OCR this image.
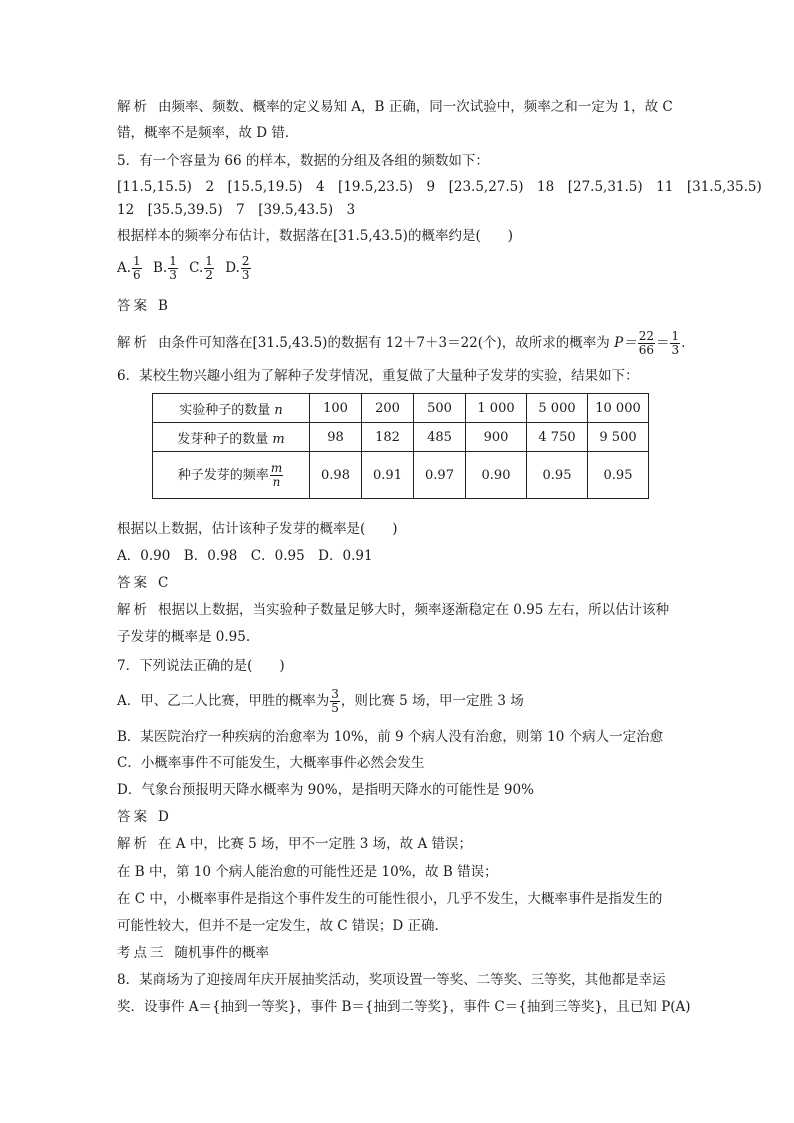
解析 由频率、频数、概率的定义易知 A，B 正确，同一次试验中，频率之和一定为 1，故 C
错，概率不是频率，故 D 错．
5．有一个容量为 66 的样本，数据的分组及各组的频数如下：
[11.5,15.5)　2　[15.5,19.5)　4　[19.5,23.5)　9　[23.5,27.5)　18　[27.5,31.5)　11　[31.5,35.5)
12　[35.5,39.5)　7　[39.5,43.5)　3
根据样本的频率分布估计，数据落在[31.5,43.5)的概率约是(　　)
A. $\frac{1}{6} B$. $\frac{1}{3} C$. $\frac{1}{2} D$. $\frac{2}{3}$
答案 B
解析 由条件可知落在[31.5,43.5)的数据有 12＋7＋3＝22(个)，故所求的概率为 $P= \frac{22}{66} = \frac{1}{3}$ .
6．某校生物兴趣小组为了解种子发芽情况，重复做了大量种子发芽的实验，结果如下：
实验种子的数量 n	100	200	500	1 000	5 000	10 000
发芽种子的数量 m	98	182	485	900	4 750	9 500
种子发芽的频率 $\frac{m}{n}$	0.98	0.91	0.97	0.90	0.95	0.95
根据以上数据，估计该种子发芽的概率是(　　)
A．0.90　B．0.98　C．0.95　D．0.91
答案 C
解析 根据以上数据，当实验种子数量足够大时，频率逐渐稳定在 0.95 左右，所以估计该种
子发芽的概率是 0.95.
7．下列说法正确的是(　　)
A．甲、乙二人比赛，甲胜的概率为 $\frac{3}{5}$ ，则比赛 5 场，甲一定胜 3 场
B．某医院治疗一种疾病的治愈率为 10%，前 9 个病人没有治愈，则第 10 个病人一定治愈
C．小概率事件不可能发生，大概率事件必然会发生
D．气象台预报明天降水概率为 90%，是指明天降水的可能性是 90%
答案 D
解析 在 A 中，比赛 5 场，甲不一定胜 3 场，故 A 错误；
在 B 中，第 10 个病人能治愈的可能性还是 10%，故 B 错误；
在 C 中，小概率事件是指这个事件发生的可能性很小，几乎不发生，大概率事件是指发生的
可能性较大，但并不是一定发生，故 C 错误；D 正确.
考点三 随机事件的概率
8．某商场为了迎接周年庆开展抽奖活动，奖项设置一等奖、二等奖、三等奖，其他都是幸运
奖．设事件 A＝{抽到一等奖}，事件 B＝{抽到二等奖}，事件 C＝{抽到三等奖}，且已知 P(A)
